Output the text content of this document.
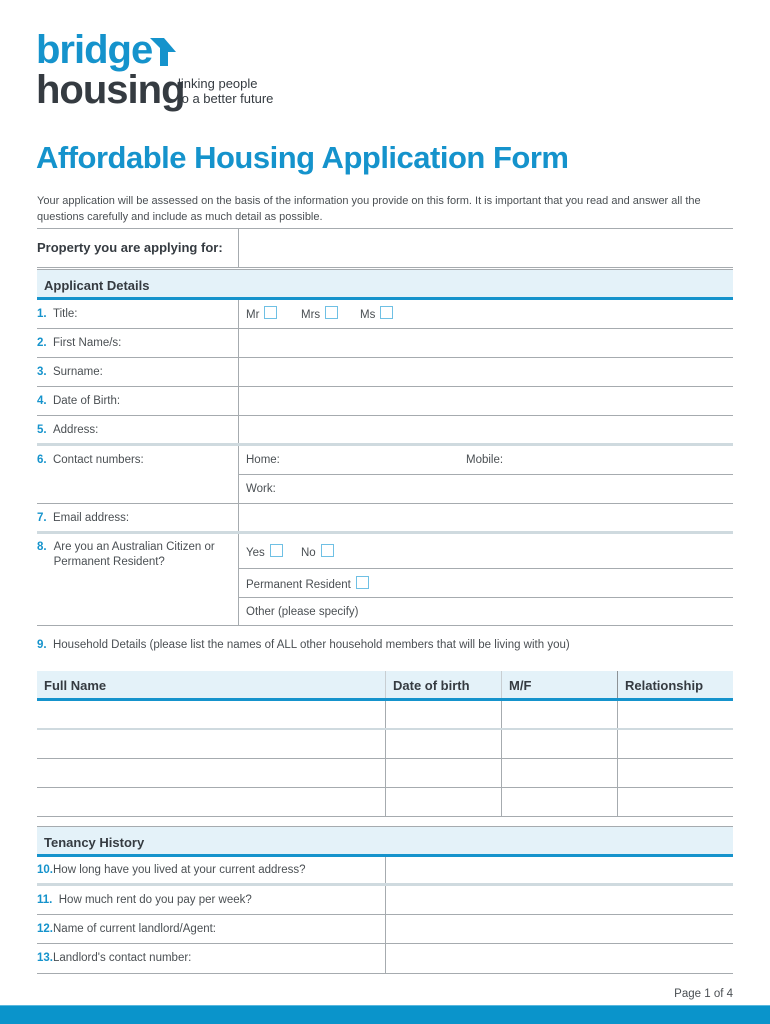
bridge
housing
linking people
to a better future
Affordable Housing Application Form

Your application will be assessed on the basis of the information you provide on this form. It is important that you read and answer all the questions carefully and include as much detail as possible.

Property you are applying for:
Applicant Details
1. Title:	Mr	Mrs	Ms
2. First Name/s:
3. Surname:
4. Date of Birth:
5. Address:
6. Contact numbers:	Home:	Mobile:
Work:
7. Email address:
8. Are you an Australian Citizen or Permanent Resident?
Yes	No
Permanent Resident
Other (please specify)
9. Household Details (please list the names of ALL other household members that will be living with you)
Full Name	Date of birth	M/F	Relationship
Tenancy History
10.How long have you lived at your current address?
11. How much rent do you pay per week?
12.Name of current landlord/Agent:
13.Landlord's contact number:
Page 1 of 4
